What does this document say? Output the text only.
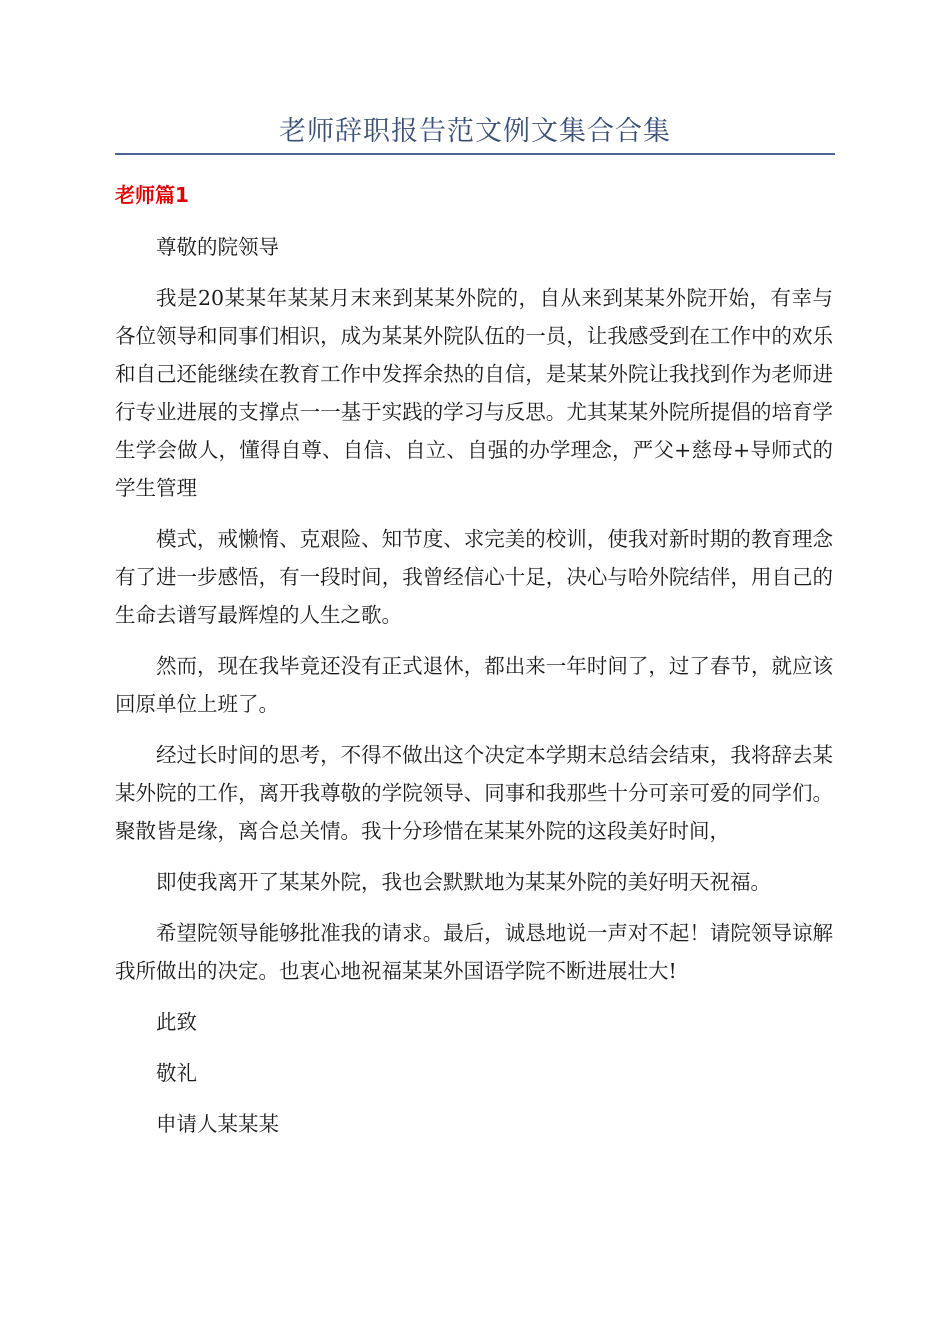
老师辞职报告范文例文集合合集
老师篇1

尊敬的院领导

我是20某某年某某月末来到某某外院的，自从来到某某外院开始，有幸与各位领导和同事们相识，成为某某外院队伍的一员，让我感受到在工作中的欢乐和自己还能继续在教育工作中发挥余热的自信，是某某外院让我找到作为老师进行专业进展的支撑点一一基于实践的学习与反思。尤其某某外院所提倡的培育学生学会做人，懂得自尊、自信、自立、自强的办学理念，严父+慈母+导师式的学生管理

模式，戒懒惰、克艰险、知节度、求完美的校训，使我对新时期的教育理念有了进一步感悟，有一段时间，我曾经信心十足，决心与哈外院结伴，用自己的生命去谱写最辉煌的人生之歌。

然而，现在我毕竟还没有正式退休，都出来一年时间了，过了春节，就应该回原单位上班了。

经过长时间的思考，不得不做出这个决定本学期末总结会结束，我将辞去某某外院的工作，离开我尊敬的学院领导、同事和我那些十分可亲可爱的同学们。聚散皆是缘，离合总关情。我十分珍惜在某某外院的这段美好时间，

即使我离开了某某外院，我也会默默地为某某外院的美好明天祝福。

希望院领导能够批准我的请求。最后，诚恳地说一声对不起！请院领导谅解我所做出的决定。也衷心地祝福某某外国语学院不断进展壮大!

此致

敬礼

申请人某某某
